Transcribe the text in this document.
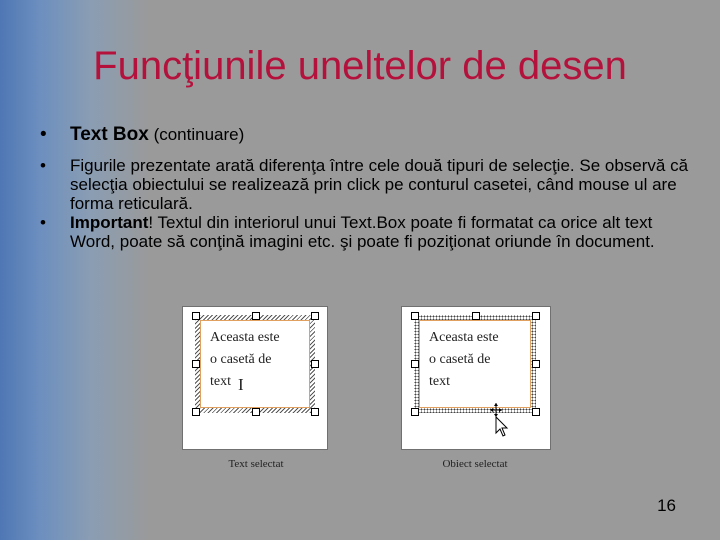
Funcţiunile uneltelor de desen
• Text Box (continuare)
• Figurile prezentate arată diferenţa între cele două tipuri de selecţie. Se observă că selecţia obiectului se realizează prin click pe conturul casetei, când mouse ul are forma reticulară.
• Important! Textul din interiorul unui Text.Box poate fi formatat ca orice alt text Word, poate să conţină imagini etc. şi poate fi poziţionat oriunde în document.
Aceasta este
o casetă de
text I
Text selectat
Aceasta este
o casetă de
text
Obiect selectat
16
